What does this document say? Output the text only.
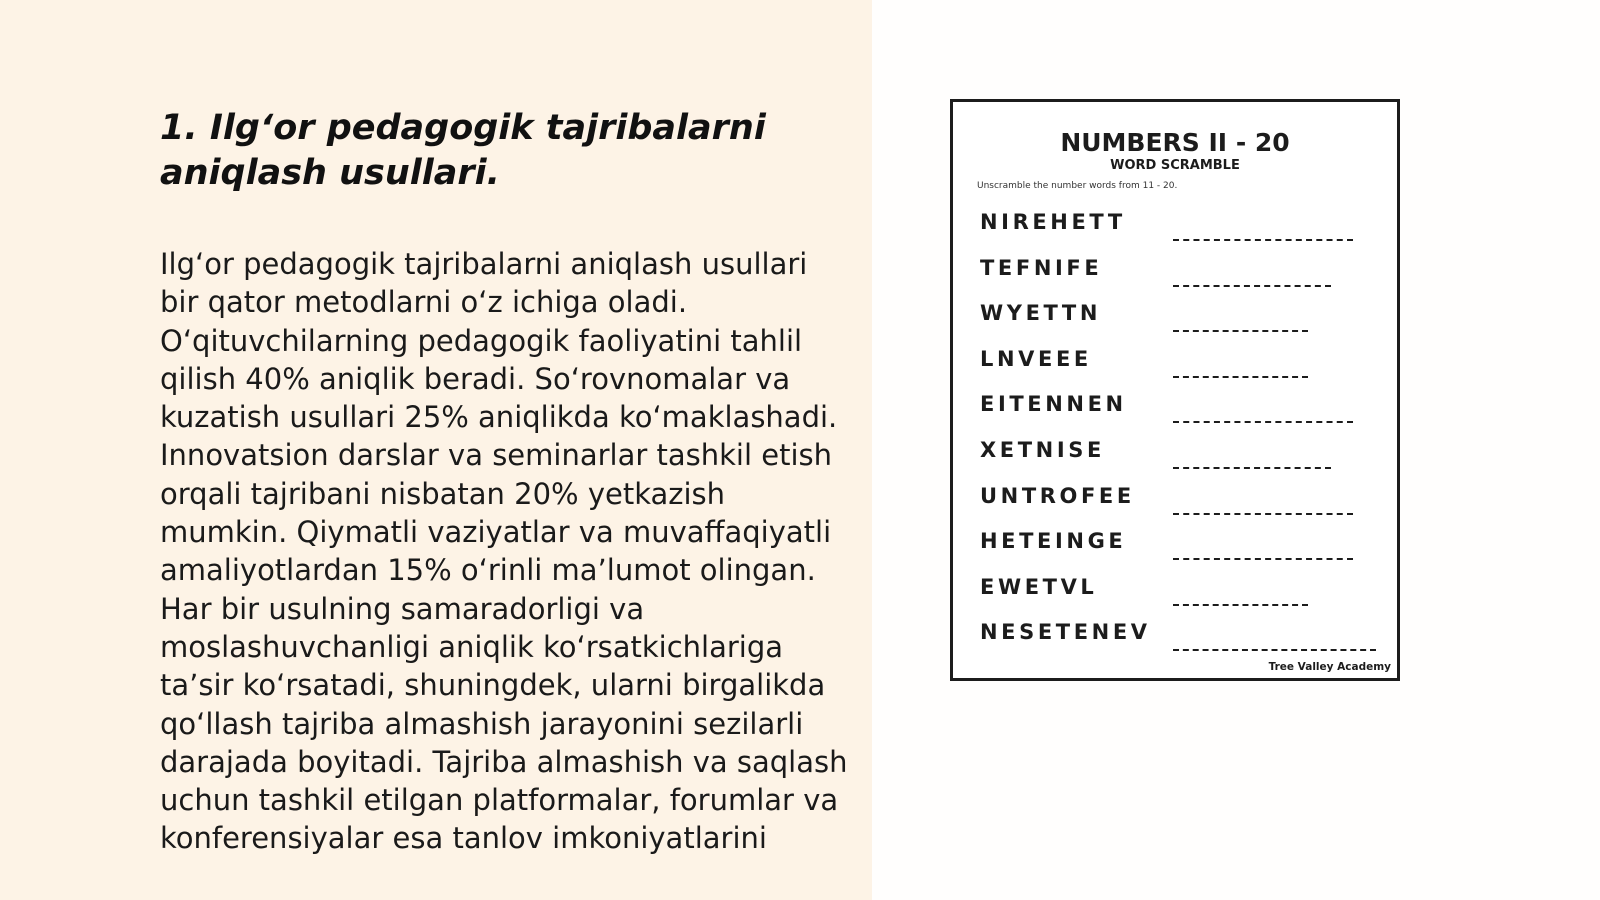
1. Ilg‘or pedagogik tajribalarni aniqlash usullari.

Ilg‘or pedagogik tajribalarni aniqlash usullari bir qator metodlarni o‘z ichiga oladi. O‘qituvchilarning pedagogik faoliyatini tahlil qilish 40% aniqlik beradi. So‘rovnomalar va kuzatish usullari 25% aniqlikda ko‘maklashadi. Innovatsion darslar va seminarlar tashkil etish orqali tajribani nisbatan 20% yetkazish mumkin. Qiymatli vaziyatlar va muvaffaqiyatli amaliyotlardan 15% o‘rinli ma’lumot olingan. Har bir usulning samaradorligi va moslashuvchanligi aniqlik ko‘rsatkichlariga ta’sir ko‘rsatadi, shuningdek, ularni birgalikda qo‘llash tajriba almashish jarayonini sezilarli darajada boyitadi. Tajriba almashish va saqlash uchun tashkil etilgan platformalar, forumlar va konferensiyalar esa tanlov imkoniyatlarini

NUMBERS II - 20
WORD SCRAMBLE
Unscramble the number words from 11 - 20.
NIREHETT
TEFNIFE
WYETTN
LNVEEE
EITENNEN
XETNISE
UNTROFEE
HETEINGE
EWETVL
NESETENEV
Tree Valley Academy
